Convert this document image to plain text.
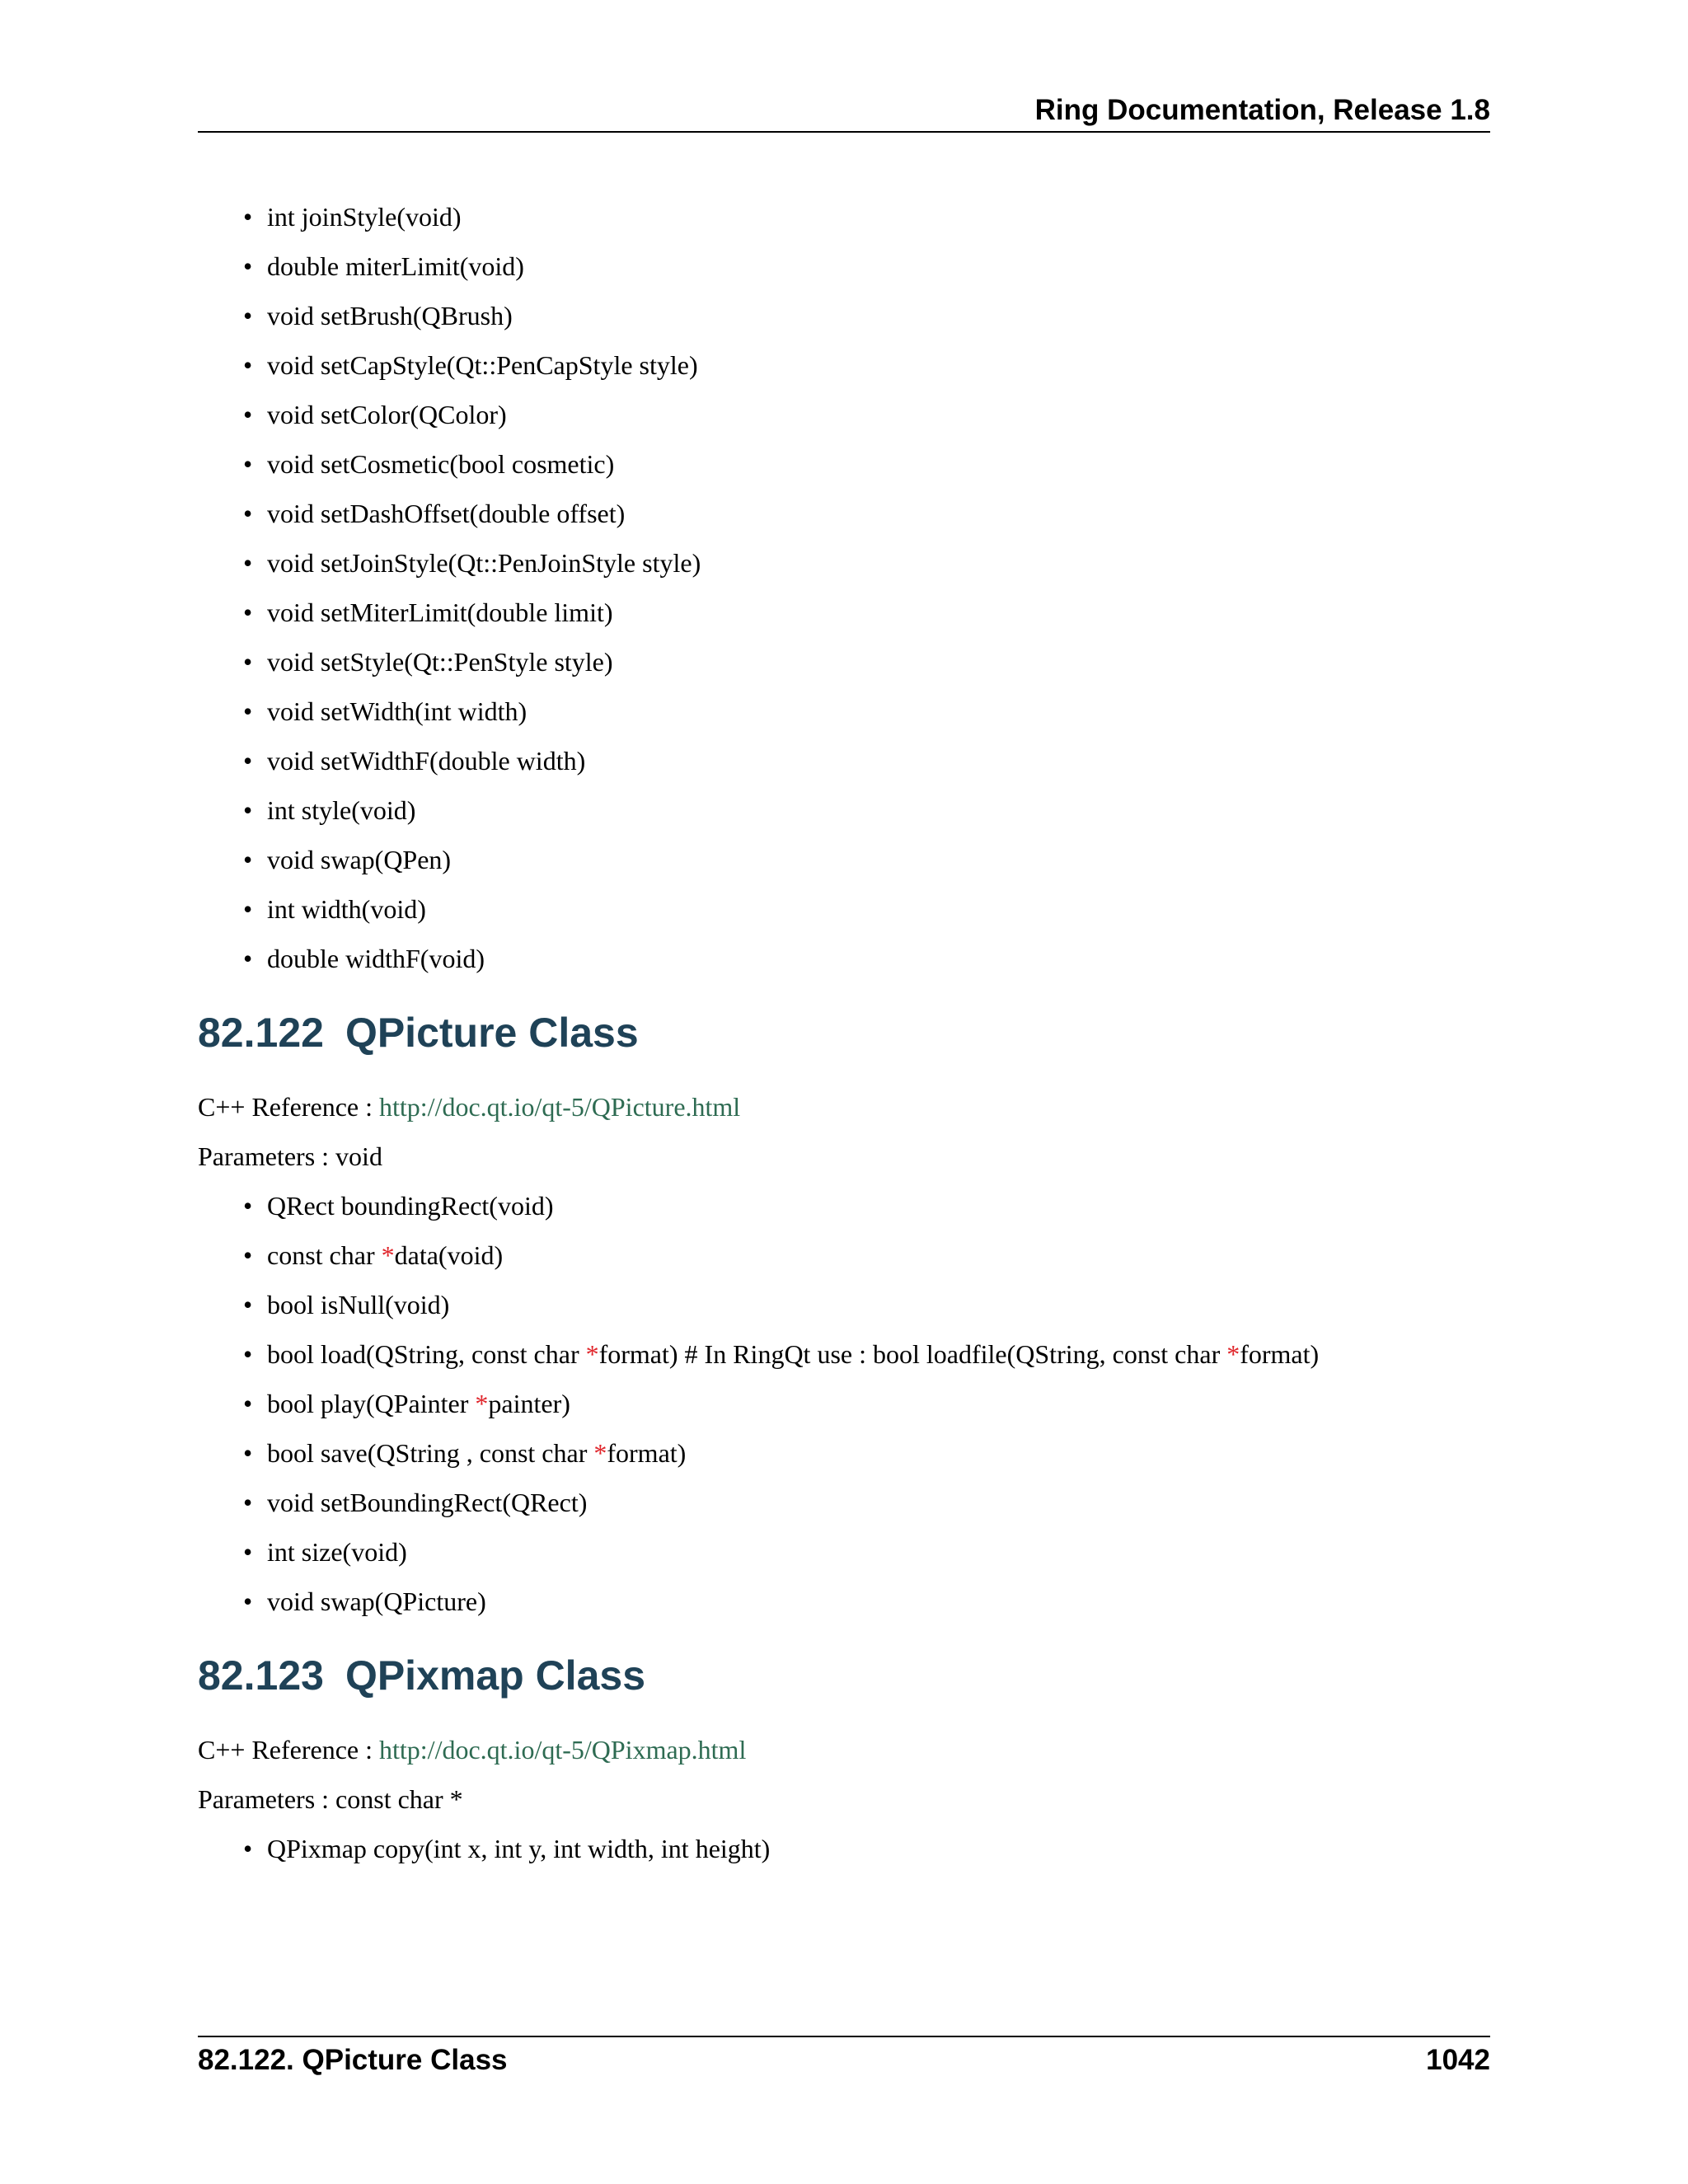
Ring Documentation, Release 1.8
• int joinStyle(void)
• double miterLimit(void)
• void setBrush(QBrush)
• void setCapStyle(Qt::PenCapStyle style)
• void setColor(QColor)
• void setCosmetic(bool cosmetic)
• void setDashOffset(double offset)
• void setJoinStyle(Qt::PenJoinStyle style)
• void setMiterLimit(double limit)
• void setStyle(Qt::PenStyle style)
• void setWidth(int width)
• void setWidthF(double width)
• int style(void)
• void swap(QPen)
• int width(void)
• double widthF(void)
82.122 QPicture Class
C++ Reference : http://doc.qt.io/qt-5/QPicture.html
Parameters : void
• QRect boundingRect(void)
• const char *data(void)
• bool isNull(void)
• bool load(QString, const char *format) # In RingQt use : bool loadfile(QString, const char *format)
• bool play(QPainter *painter)
• bool save(QString , const char *format)
• void setBoundingRect(QRect)
• int size(void)
• void swap(QPicture)
82.123 QPixmap Class
C++ Reference : http://doc.qt.io/qt-5/QPixmap.html
Parameters : const char *
• QPixmap copy(int x, int y, int width, int height)
82.122. QPicture Class	1042
